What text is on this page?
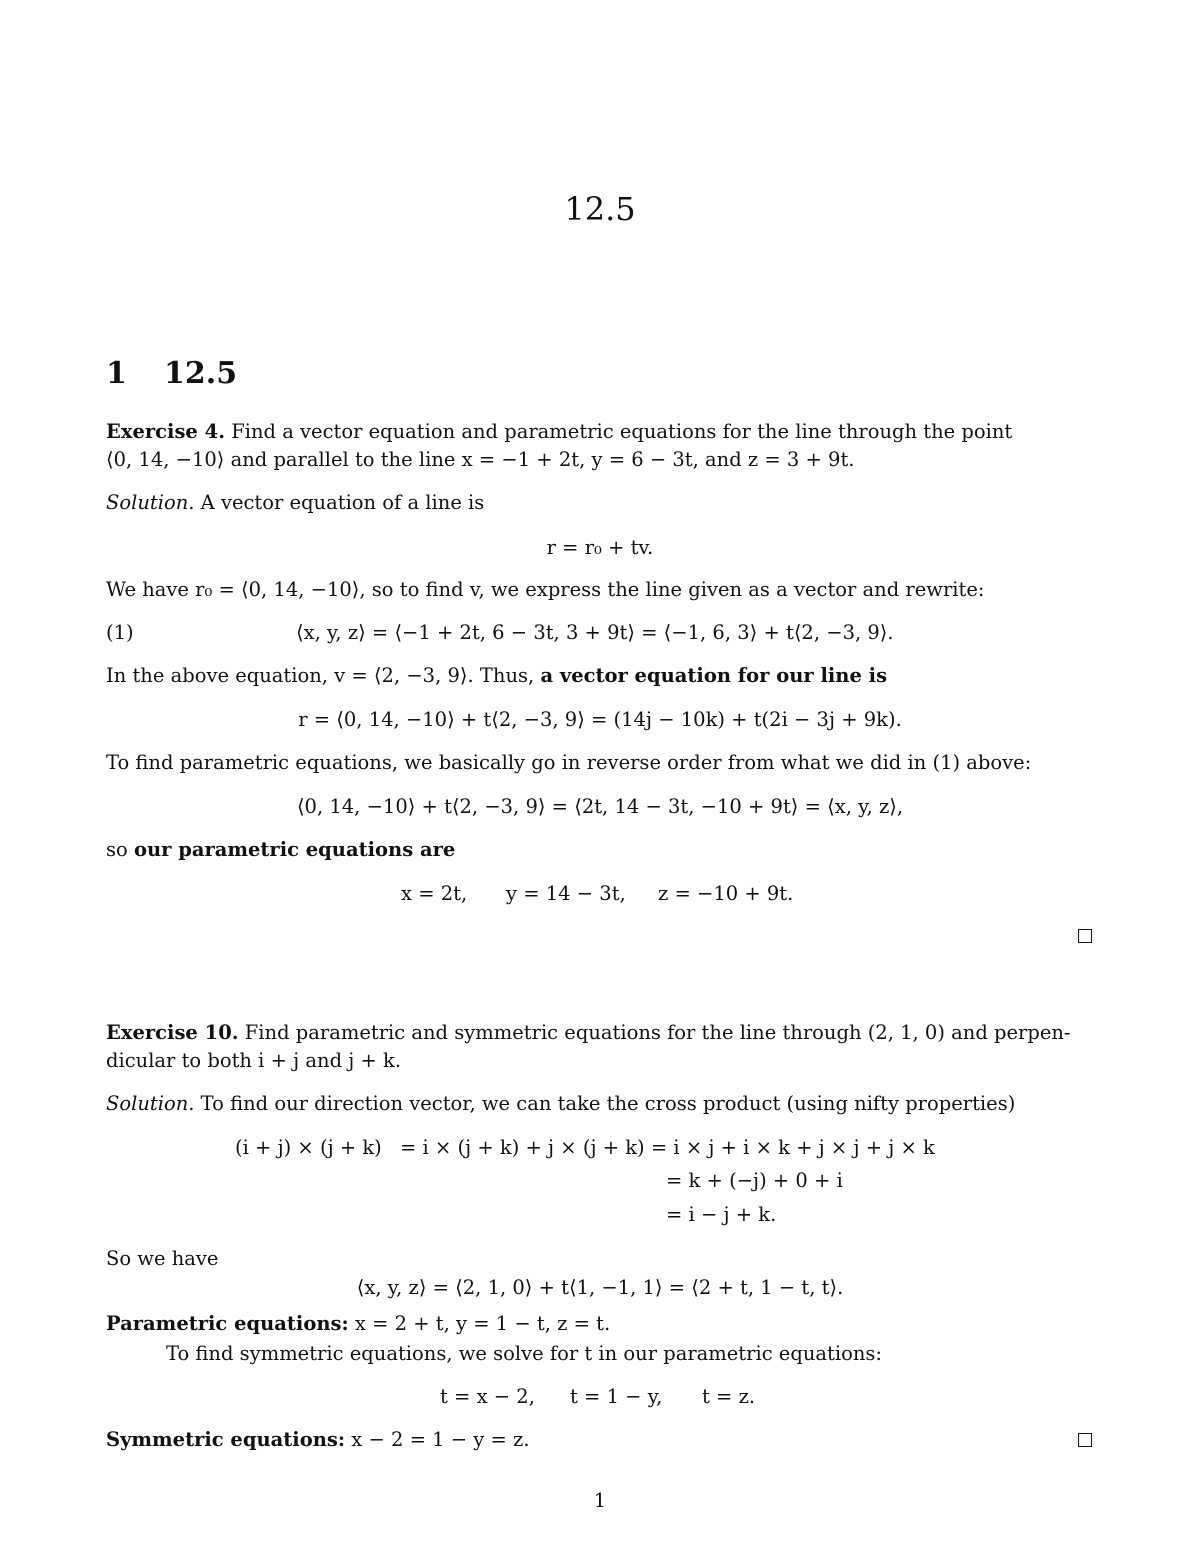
12.5
1 12.5
Exercise 4. Find a vector equation and parametric equations for the line through the point
⟨0, 14, −10⟩ and parallel to the line x = −1 + 2t, y = 6 − 3t, and z = 3 + 9t.
Solution. A vector equation of a line is
r = r₀ + tv.
We have r₀ = ⟨0, 14, −10⟩, so to find v, we express the line given as a vector and rewrite:
(1)	⟨x, y, z⟩ = ⟨−1 + 2t, 6 − 3t, 3 + 9t⟩ = ⟨−1, 6, 3⟩ + t⟨2, −3, 9⟩.
In the above equation, v = ⟨2, −3, 9⟩. Thus, a vector equation for our line is
r = ⟨0, 14, −10⟩ + t⟨2, −3, 9⟩ = (14j − 10k) + t(2i − 3j + 9k).
To find parametric equations, we basically go in reverse order from what we did in (1) above:
⟨0, 14, −10⟩ + t⟨2, −3, 9⟩ = ⟨2t, 14 − 3t, −10 + 9t⟩ = ⟨x, y, z⟩,
so our parametric equations are
x = 2t, y = 14 − 3t, z = −10 + 9t.
Exercise 10. Find parametric and symmetric equations for the line through (2, 1, 0) and perpen-
dicular to both i + j and j + k.
Solution. To find our direction vector, we can take the cross product (using nifty properties)
(i + j) × (j + k) = i × (j + k) + j × (j + k) = i × j + i × k + j × j + j × k
= k + (−j) + 0 + i
= i − j + k.
So we have
⟨x, y, z⟩ = ⟨2, 1, 0⟩ + t⟨1, −1, 1⟩ = ⟨2 + t, 1 − t, t⟩.
Parametric equations: x = 2 + t, y = 1 − t, z = t.
To find symmetric equations, we solve for t in our parametric equations:
t = x − 2, t = 1 − y, t = z.
Symmetric equations: x − 2 = 1 − y = z.
1
